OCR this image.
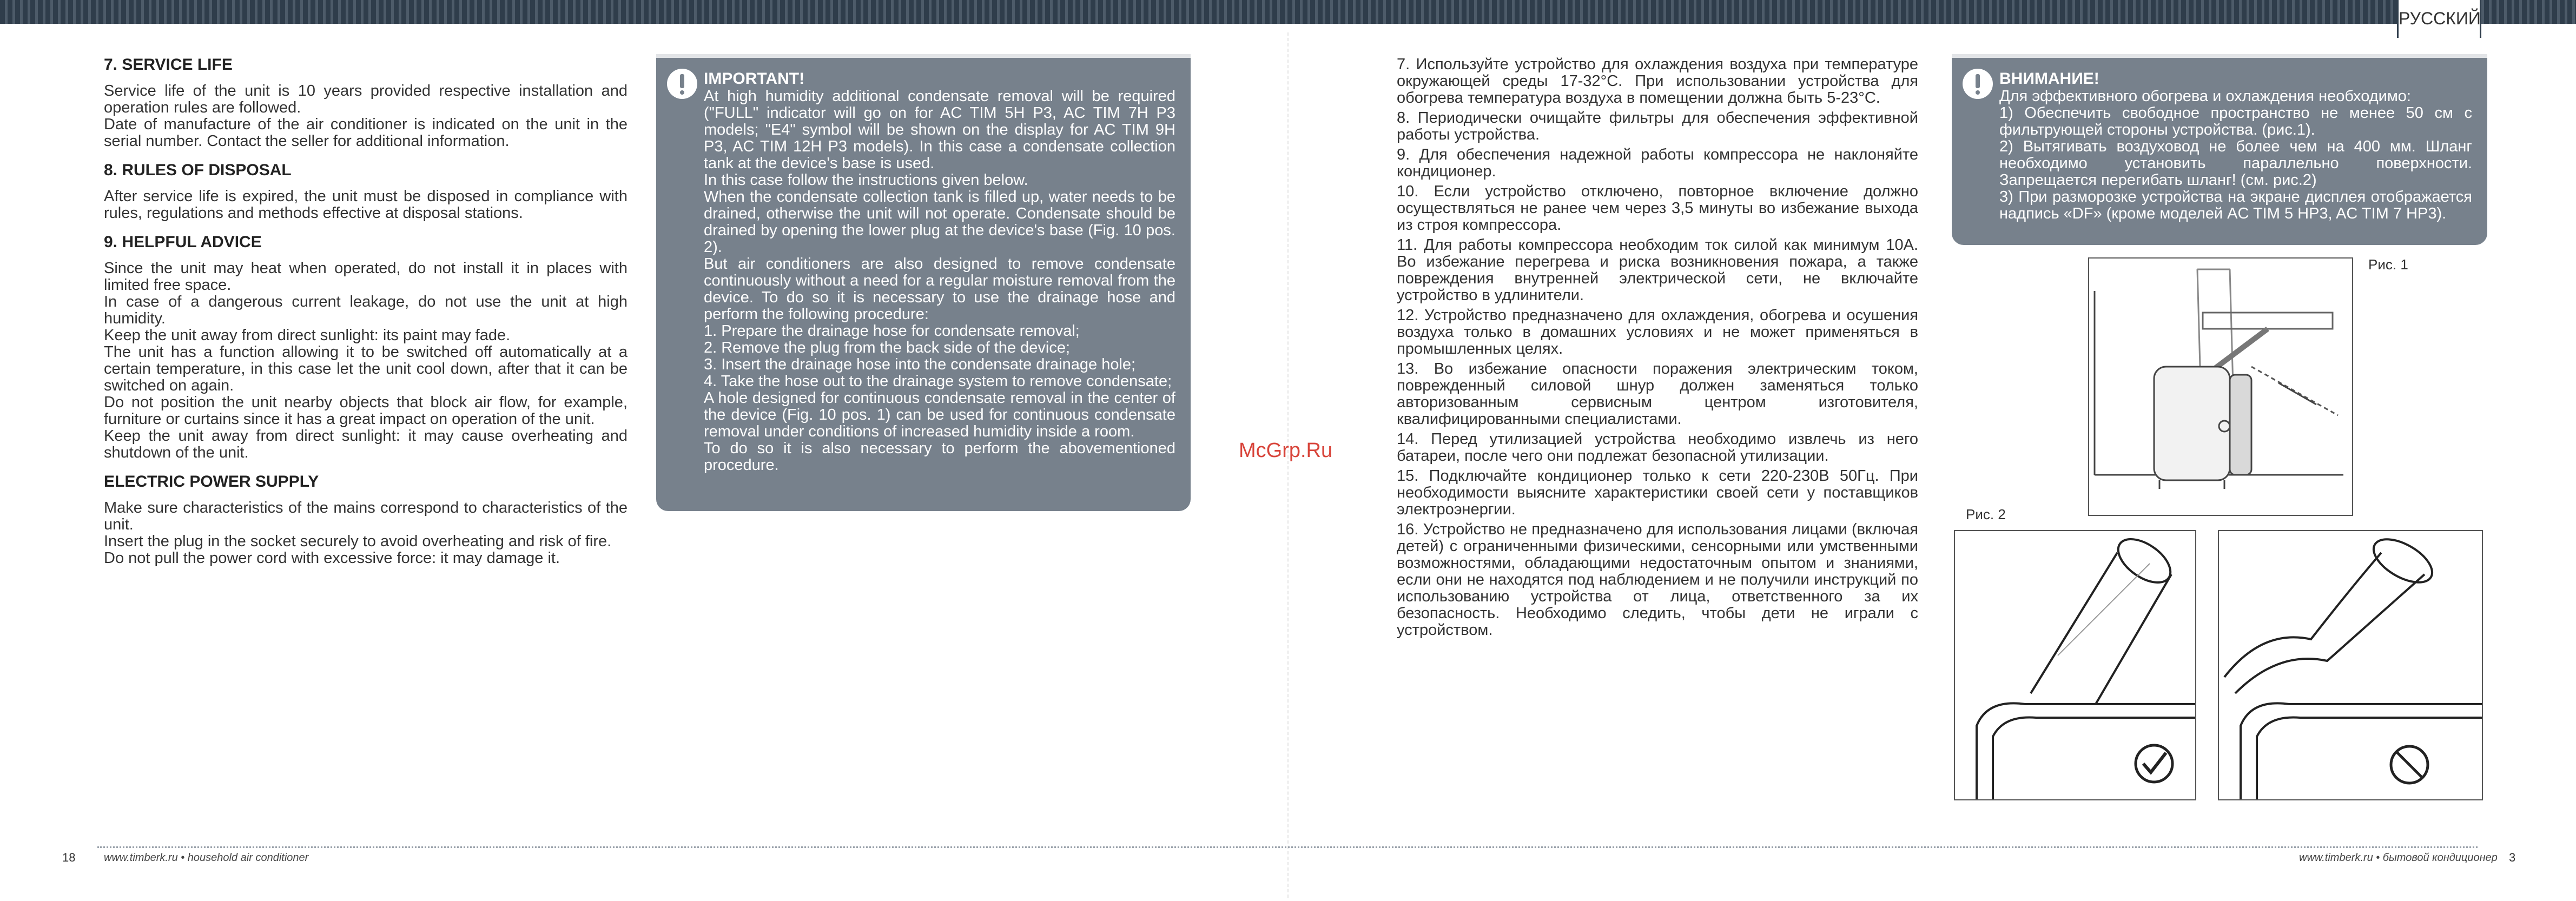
РУССКИЙ
7. SERVICE LIFE

Service life of the unit is 10 years provided respective installation and operation rules are followed.

Date of manufacture of the air conditioner is indicated on the unit in the serial number. Contact the seller for additional information.

8. RULES OF DISPOSAL

After service life is expired, the unit must be disposed in compliance with rules, regulations and methods effective at disposal stations.

9. HELPFUL ADVICE

Since the unit may heat when operated, do not install it in places with limited free space.

In case of a dangerous current leakage, do not use the unit at high humidity.

Keep the unit away from direct sunlight: its paint may fade.

The unit has a function allowing it to be switched off automatically at a certain temperature, in this case let the unit cool down, after that it can be switched on again.

Do not position the unit nearby objects that block air flow, for example, furniture or curtains since it has a great impact on operation of the unit.

Keep the unit away from direct sunlight: it may cause overheating and shutdown of the unit.

ELECTRIC POWER SUPPLY

Make sure characteristics of the mains correspond to characteristics of the unit.

Insert the plug in the socket securely to avoid overheating and risk of fire.

Do not pull the power cord with excessive force: it may damage it.

IMPORTANT!
At high humidity additional condensate removal will be required ("FULL" indicator will go on for AC TIM 5H P3, AC TIM 7H P3 models; "E4" symbol will be shown on the display for AC TIM 9H P3, AC TIM 12H P3 models). In this case a condensate collection tank at the device's base is used.
In this case follow the instructions given below.
When the condensate collection tank is filled up, water needs to be drained, otherwise the unit will not operate. Condensate should be drained by opening the lower plug at the device's base (Fig. 10 pos. 2).
But air conditioners are also designed to remove condensate continuously without a need for a regular moisture removal from the device. To do so it is necessary to use the drainage hose and perform the following procedure:
1. Prepare the drainage hose for condensate removal;
2. Remove the plug from the back side of the device;
3. Insert the drainage hose into the condensate drainage hole;
4. Take the hose out to the drainage system to remove condensate;
A hole designed for continuous condensate removal in the center of the device (Fig. 10 pos. 1) can be used for continuous condensate removal under conditions of increased humidity inside a room.
To do so it is also necessary to perform the abovementioned procedure.
McGrp.Ru

7. Используйте устройство для охлаждения воздуха при температуре окружающей среды 17-32°С. При использовании устройства для обогрева температура воздуха в помещении должна быть 5-23°С.

8. Периодически очищайте фильтры для обеспечения эффективной работы устройства.

9. Для обеспечения надежной работы компрессора не наклоняйте кондиционер.

10. Если устройство отключено, повторное включение должно осуществляться не ранее чем через 3,5 минуты во избежание выхода из строя компрессора.

11. Для работы компрессора необходим ток силой как минимум 10А. Во избежание перегрева и риска возникновения пожара, а также повреждения внутренней электрической сети, не включайте устройство в удлинители.

12. Устройство предназначено для охлаждения, обогрева и осушения воздуха только в домашних условиях и не может применяться в промышленных целях.

13. Во избежание опасности поражения электрическим током, поврежденный силовой шнур должен заменяться только авторизованным сервисным центром изготовителя, квалифицированными специалистами.

14. Перед утилизацией устройства необходимо извлечь из него батареи, после чего они подлежат безопасной утилизации.

15. Подключайте кондиционер только к сети 220-230В 50Гц. При необходимости выясните характеристики своей сети у поставщиков электроэнергии.

16. Устройство не предназначено для использования лицами (включая детей) с ограниченными физическими, сенсорными или умственными возможностями, обладающими недостаточным опытом и знаниями, если они не находятся под наблюдением и не получили инструкций по использованию устройства от лица, ответственного за их безопасность. Необходимо следить, чтобы дети не играли с устройством.

ВНИМАНИЕ!
Для эффективного обогрева и охлаждения необходимо:
1) Обеспечить свободное пространство не менее 50 см с фильтрующей стороны устройства. (рис.1).
2) Вытягивать воздуховод не более чем на 400 мм. Шланг необходимо установить параллельно поверхности. Запрещается перегибать шланг! (см. рис.2)
3) При разморозке устройства на экране дисплея отображается надпись «DF» (кроме моделей AC TIM 5 HP3, AC TIM 7 HP3).
Рис. 1
Рис. 2
18	www.timberk.ru • household air conditioner	www.timberk.ru • бытовой кондиционер 3
